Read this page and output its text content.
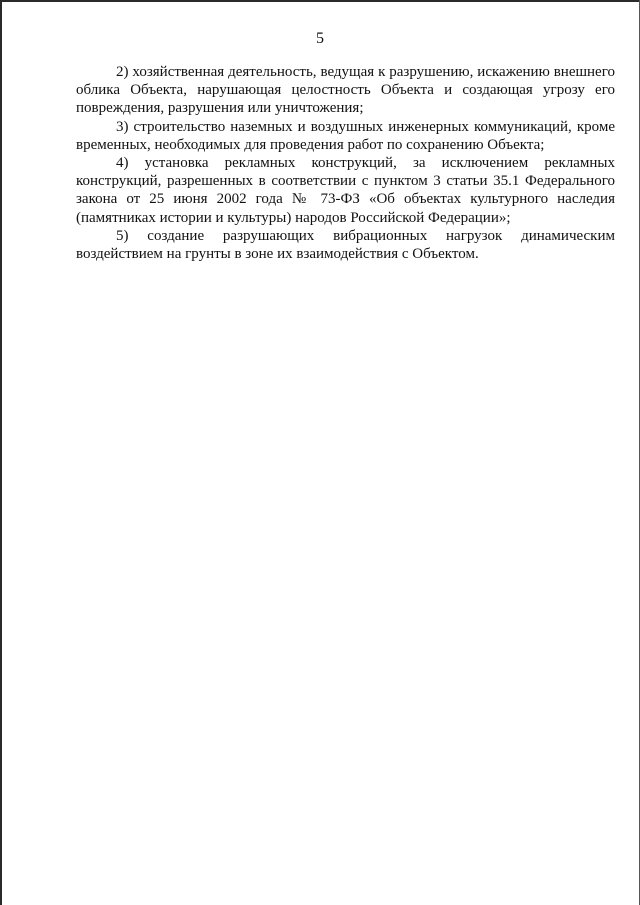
5

2) хозяйственная деятельность, ведущая к разрушению, искажению внешнего облика Объекта, нарушающая целостность Объекта и создающая угрозу его повреждения, разрушения или уничтожения;

3) строительство наземных и воздушных инженерных коммуникаций, кроме временных, необходимых для проведения работ по сохранению Объекта;

4) установка рекламных конструкций, за исключением рекламных конструкций, разрешенных в соответствии с пунктом 3 статьи 35.1 Федерального закона от 25 июня 2002 года № 73-ФЗ «Об объектах культурного наследия (памятниках истории и культуры) народов Российской Федерации»;

5) создание разрушающих вибрационных нагрузок динамическим воздействием на грунты в зоне их взаимодействия с Объектом.
